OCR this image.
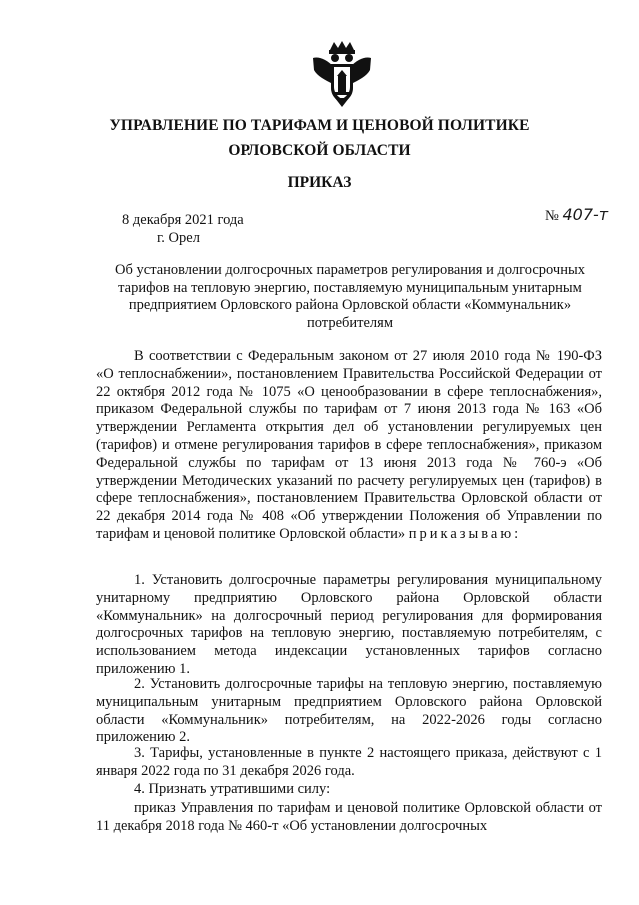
УПРАВЛЕНИЕ ПО ТАРИФАМ И ЦЕНОВОЙ ПОЛИТИКЕ
ОРЛОВСКОЙ ОБЛАСТИ
ПРИКАЗ
8 декабря 2021 года
г. Орел
№ 407-т
Об установлении долгосрочных параметров регулирования и долгосрочных тарифов на тепловую энергию, поставляемую муниципальным унитарным предприятием Орловского района Орловской области «Коммунальник» потребителям

В соответствии с Федеральным законом от 27 июля 2010 года № 190-ФЗ «О теплоснабжении», постановлением Правительства Российской Федерации от 22 октября 2012 года № 1075 «О ценообразовании в сфере теплоснабжения», приказом Федеральной службы по тарифам от 7 июня 2013 года № 163 «Об утверждении Регламента открытия дел об установлении регулируемых цен (тарифов) и отмене регулирования тарифов в сфере теплоснабжения», приказом Федеральной службы по тарифам от 13 июня 2013 года № 760-э «Об утверждении Методических указаний по расчету регулируемых цен (тарифов) в сфере теплоснабжения», постановлением Правительства Орловской области от 22 декабря 2014 года № 408 «Об утверждении Положения об Управлении по тарифам и ценовой политике Орловской области» приказываю:

1. Установить долгосрочные параметры регулирования муниципальному унитарному предприятию Орловского района Орловской области «Коммунальник» на долгосрочный период регулирования для формирования долгосрочных тарифов на тепловую энергию, поставляемую потребителям, с использованием метода индексации установленных тарифов согласно приложению 1.

2. Установить долгосрочные тарифы на тепловую энергию, поставляемую муниципальным унитарным предприятием Орловского района Орловской области «Коммунальник» потребителям, на 2022-2026 годы согласно приложению 2.

3. Тарифы, установленные в пункте 2 настоящего приказа, действуют с 1 января 2022 года по 31 декабря 2026 года.

4. Признать утратившими силу:

приказ Управления по тарифам и ценовой политике Орловской области от 11 декабря 2018 года № 460-т «Об установлении долгосрочных
